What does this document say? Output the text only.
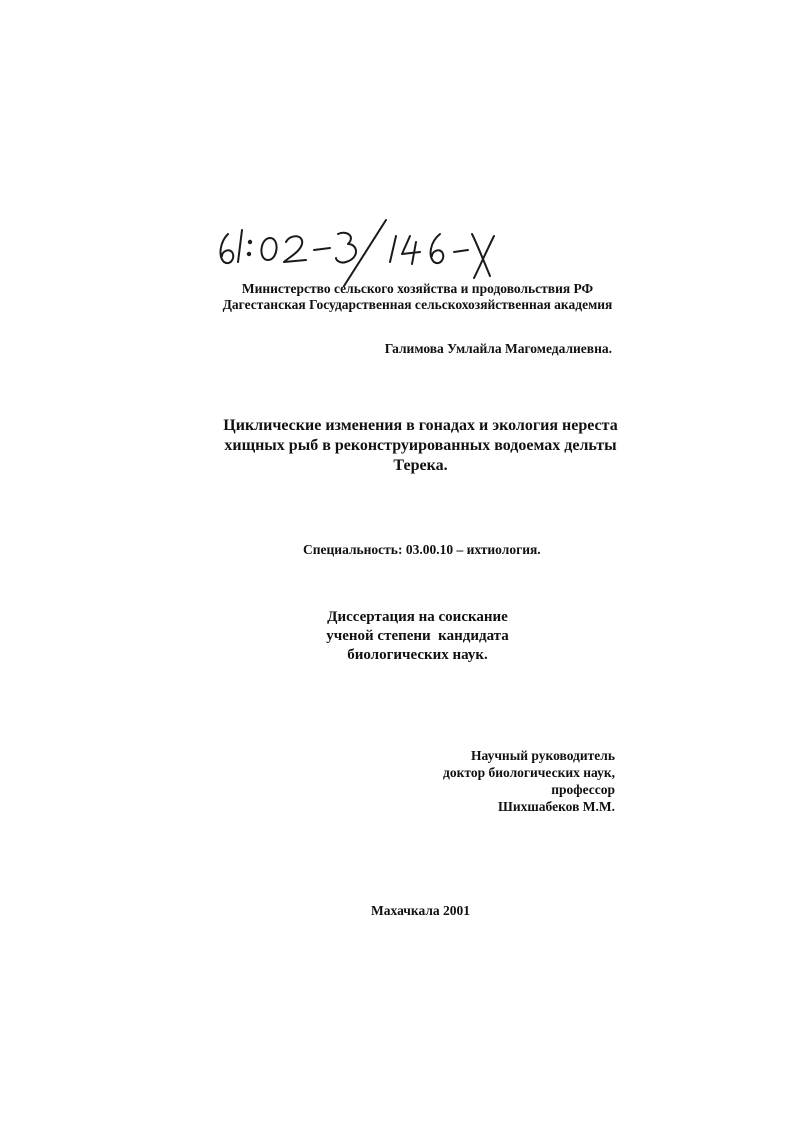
Министерство сельского хозяйства и продовольствия РФ
Дагестанская Государственная сельскохозяйственная академия
Галимова Умлайла Магомедалиевна.
Циклические изменения в гонадах и экология нереста
хищных рыб в реконструированных водоемах дельты
Терека.
Специальность: 03.00.10 – ихтиология.
Диссертация на соискание
ученой степени  кандидата
биологических наук.
Научный руководитель
доктор биологических наук,
профессор
Шихшабеков М.М.
Махачкала 2001
